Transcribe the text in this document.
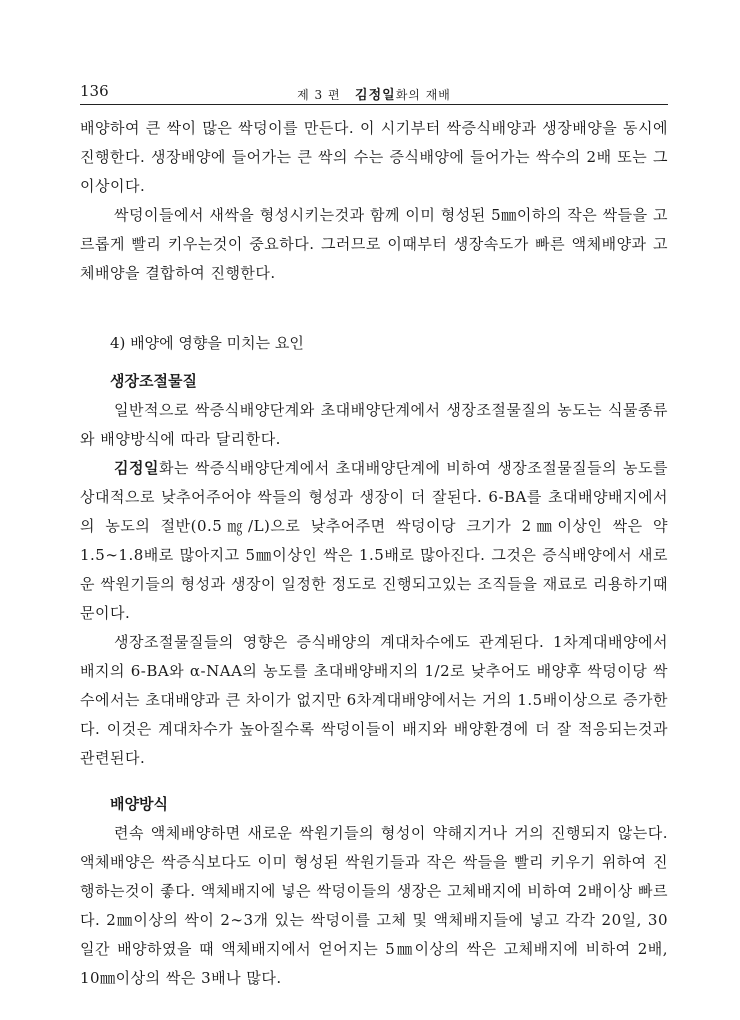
136	제 3 편 김정일화의 재배

배양하여 큰 싹이 많은 싹덩이를 만든다. 이 시기부터 싹증식배양과 생장배양을 동시에 진행한다. 생장배양에 들어가는 큰 싹의 수는 증식배양에 들어가는 싹수의 2배 또는 그 이상이다.

싹덩이들에서 새싹을 형성시키는것과 함께 이미 형성된 5㎜이하의 작은 싹들을 고르롭게 빨리 키우는것이 중요하다. 그러므로 이때부터 생장속도가 빠른 액체배양과 고체배양을 결합하여 진행한다.

4) 배양에 영향을 미치는 요인
생장조절물질

일반적으로 싹증식배양단계와 초대배양단계에서 생장조절물질의 농도는 식물종류와 배양방식에 따라 달리한다.

김정일화는 싹증식배양단계에서 초대배양단계에 비하여 생장조절물질들의 농도를 상대적으로 낮추어주어야 싹들의 형성과 생장이 더 잘된다. 6-BA를 초대배양배지에서의 농도의 절반(0.5㎎/L)으로 낮추어주면 싹덩이당 크기가 2㎜이상인 싹은 약 1.5∼1.8배로 많아지고 5㎜이상인 싹은 1.5배로 많아진다. 그것은 증식배양에서 새로운 싹원기들의 형성과 생장이 일정한 정도로 진행되고있는 조직들을 재료로 리용하기때문이다.

생장조절물질들의 영향은 증식배양의 계대차수에도 관계된다. 1차계대배양에서 배지의 6-BA와 α-NAA의 농도를 초대배양배지의 1/2로 낮추어도 배양후 싹덩이당 싹수에서는 초대배양과 큰 차이가 없지만 6차계대배양에서는 거의 1.5배이상으로 증가한다. 이것은 계대차수가 높아질수록 싹덩이들이 배지와 배양환경에 더 잘 적응되는것과 관련된다.

배양방식

련속 액체배양하면 새로운 싹원기들의 형성이 약해지거나 거의 진행되지 않는다. 액체배양은 싹증식보다도 이미 형성된 싹원기들과 작은 싹들을 빨리 키우기 위하여 진행하는것이 좋다. 액체배지에 넣은 싹덩이들의 생장은 고체배지에 비하여 2배이상 빠르다. 2㎜이상의 싹이 2∼3개 있는 싹덩이를 고체 및 액체배지들에 넣고 각각 20일, 30일간 배양하였을 때 액체배지에서 얻어지는 5㎜이상의 싹은 고체배지에 비하여 2배, 10㎜이상의 싹은 3배나 많다.
